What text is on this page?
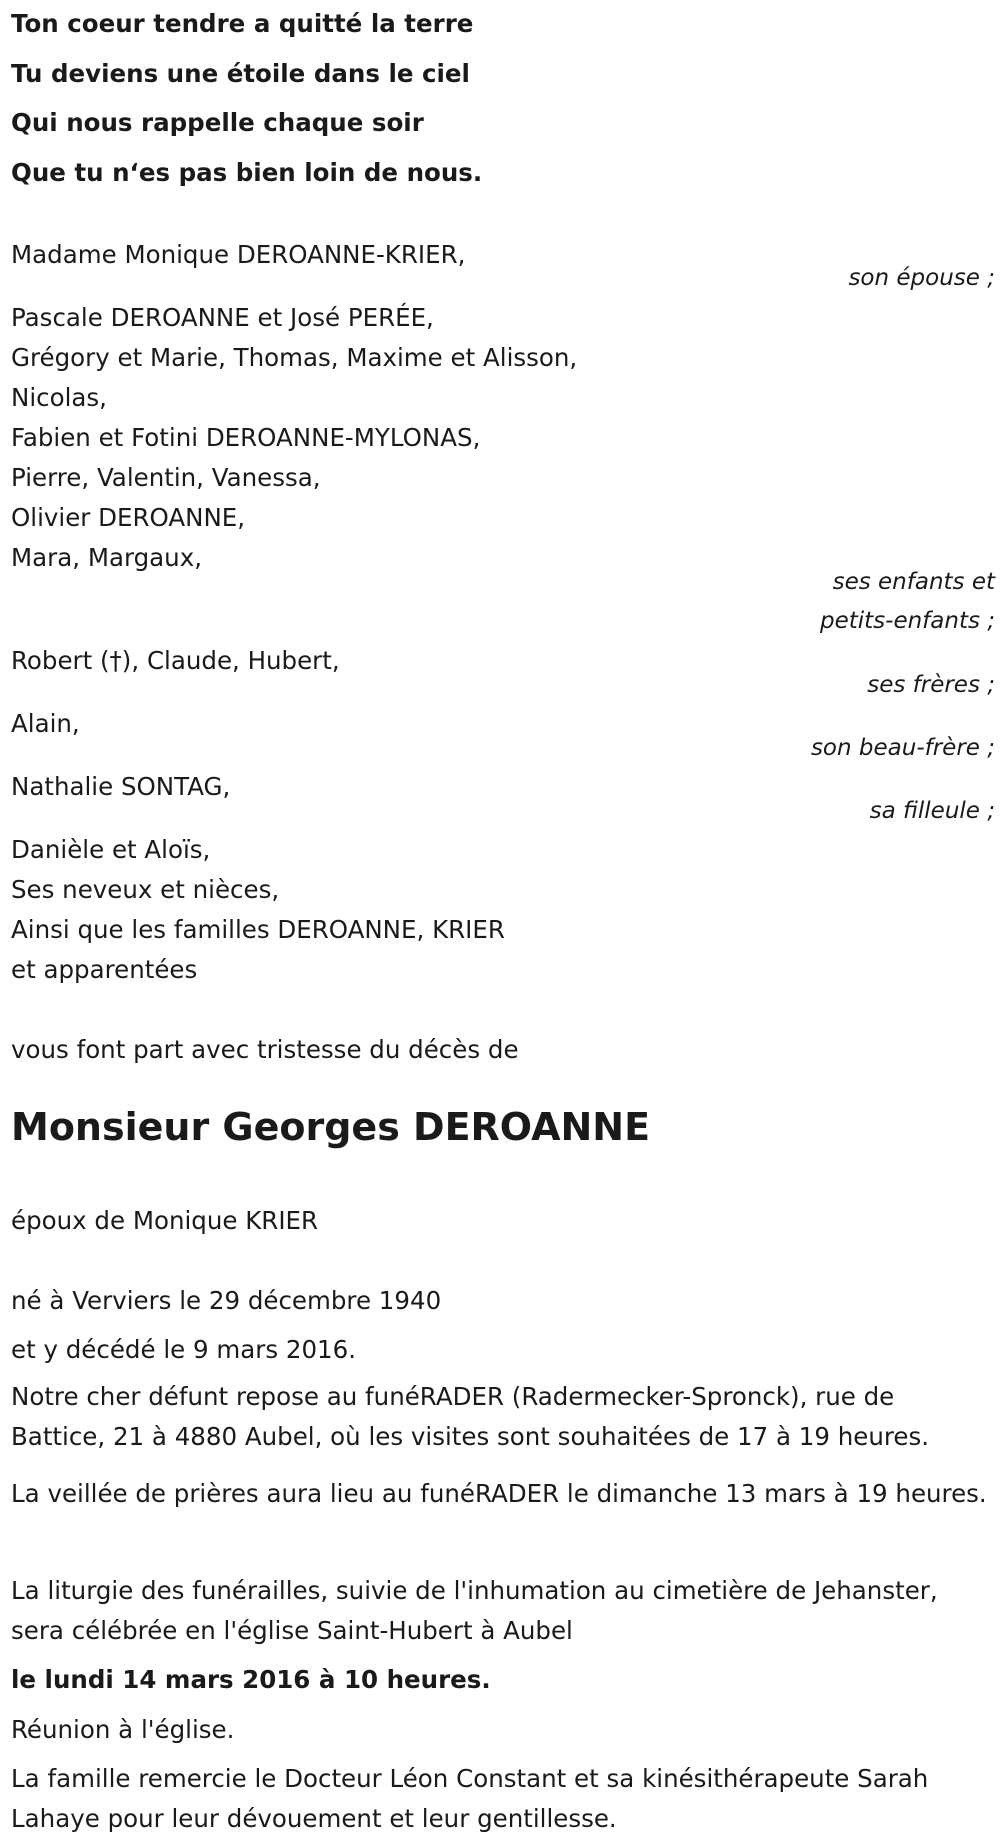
Ton coeur tendre a quitté la terre
Tu deviens une étoile dans le ciel
Qui nous rappelle chaque soir
Que tu n‘es pas bien loin de nous.
Madame Monique DEROANNE-KRIER,
son épouse ;
Pascale DEROANNE et José PERÉE,
Grégory et Marie, Thomas, Maxime et Alisson,
Nicolas,
Fabien et Fotini DEROANNE-MYLONAS,
Pierre, Valentin, Vanessa,
Olivier DEROANNE,
Mara, Margaux,
ses enfants et
petits-enfants ;
Robert (†), Claude, Hubert,
ses frères ;
Alain,
son beau-frère ;
Nathalie SONTAG,
sa filleule ;
Danièle et Aloïs,
Ses neveux et nièces,
Ainsi que les familles DEROANNE, KRIER
et apparentées
vous font part avec tristesse du décès de
Monsieur Georges DEROANNE
époux de Monique KRIER
né à Verviers le 29 décembre 1940
et y décédé le 9 mars 2016.
Notre cher défunt repose au funéRADER (Radermecker-Spronck), rue de Battice, 21 à 4880 Aubel, où les visites sont souhaitées de 17 à 19 heures.
La veillée de prières aura lieu au funéRADER le dimanche 13 mars à 19 heures.
La liturgie des funérailles, suivie de l'inhumation au cimetière de Jehanster, sera célébrée en l'église Saint-Hubert à Aubel
le lundi 14 mars 2016 à 10 heures.
Réunion à l'église.
La famille remercie le Docteur Léon Constant et sa kinésithérapeute Sarah Lahaye pour leur dévouement et leur gentillesse.
